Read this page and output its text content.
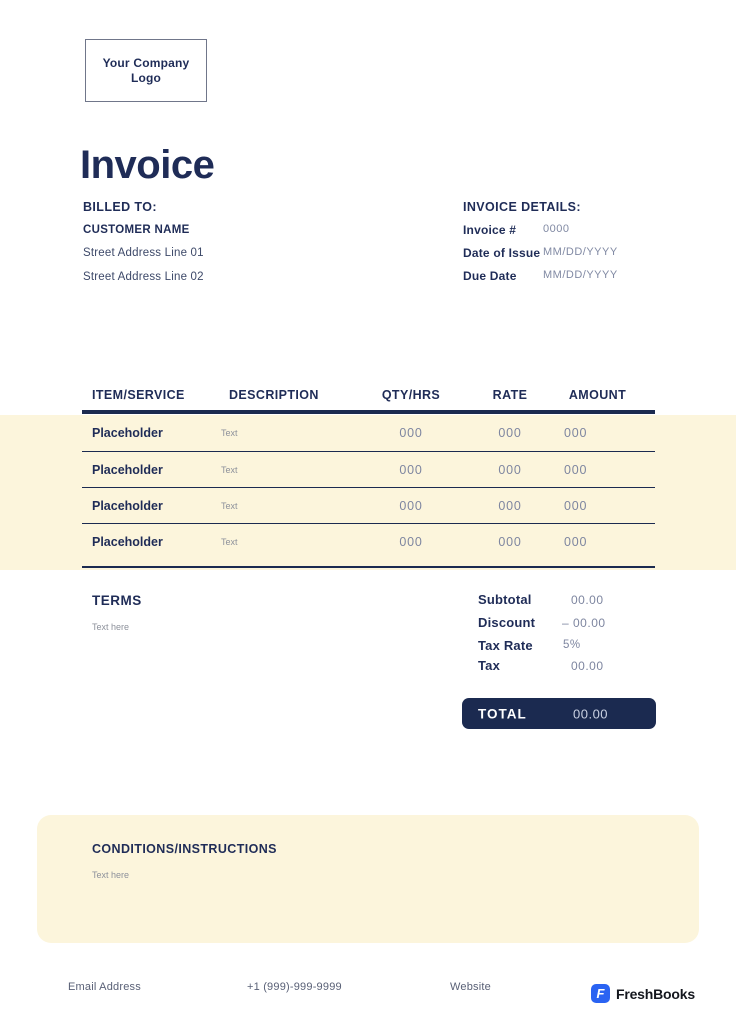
Your Company Logo
Invoice
BILLED TO:
CUSTOMER NAME
Street Address Line 01
Street Address Line 02
INVOICE DETAILS:
Invoice # 0000
Date of Issue MM/DD/YYYY
Due Date MM/DD/YYYY
ITEM/SERVICE	DESCRIPTION	QTY/HRS	RATE	AMOUNT
Placeholder	Text	000	000	000
Placeholder	Text	000	000	000
Placeholder	Text	000	000	000
Placeholder	Text	000	000	000
TERMS
Text here
Subtotal	00.00
Discount – 00.00
Tax Rate	5%
Tax	00.00
TOTAL	00.00
CONDITIONS/INSTRUCTIONS
Text here
Email Address	+1 (999)-999-9999	Website	F FreshBooks
